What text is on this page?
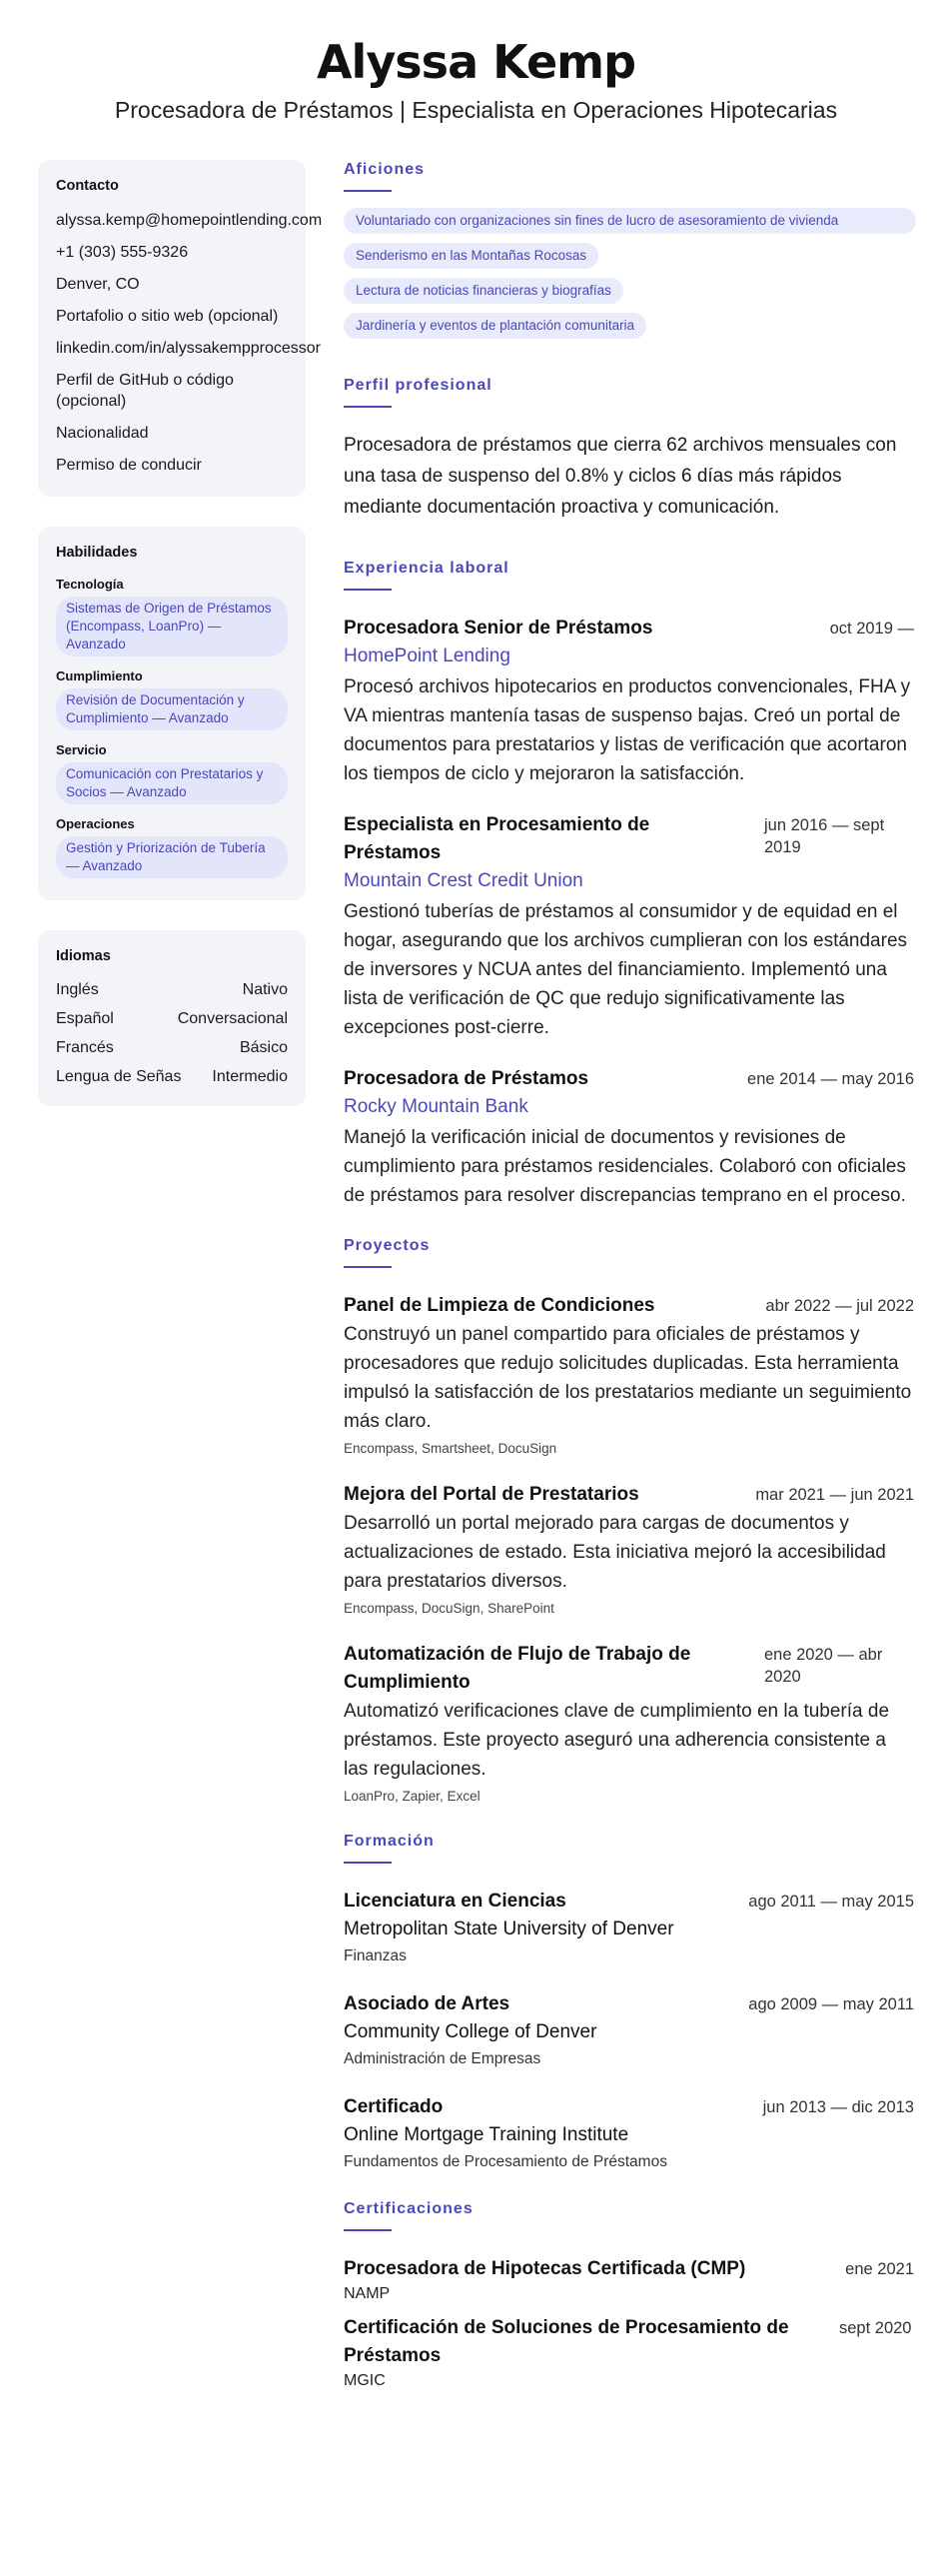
Alyssa Kemp
Procesadora de Préstamos | Especialista en Operaciones Hipotecarias
Contacto
alyssa.kemp@homepointlending.com
+1 (303) 555-9326
Denver, CO
Portafolio o sitio web (opcional)
linkedin.com/in/alyssakempprocessor
Perfil de GitHub o código (opcional)
Nacionalidad
Permiso de conducir
Habilidades
Tecnología
Sistemas de Origen de Préstamos (Encompass, LoanPro) — Avanzado
Cumplimiento
Revisión de Documentación y Cumplimiento — Avanzado
Servicio
Comunicación con Prestatarios y Socios — Avanzado
Operaciones
Gestión y Priorización de Tubería — Avanzado
Idiomas
Inglés	Nativo
Español	Conversacional
Francés	Básico
Lengua de Señas Intermedio
Aficiones
Voluntariado con organizaciones sin fines de lucro de asesoramiento de vivienda
Senderismo en las Montañas Rocosas
Lectura de noticias financieras y biografías
Jardinería y eventos de plantación comunitaria
Perfil profesional
Procesadora de préstamos que cierra 62 archivos mensuales con una tasa de suspenso del 0.8% y ciclos 6 días más rápidos mediante documentación proactiva y comunicación.
Experiencia laboral
Procesadora Senior de Préstamos	oct 2019 —
HomePoint Lending
Procesó archivos hipotecarios en productos convencionales, FHA y VA mientras mantenía tasas de suspenso bajas. Creó un portal de documentos para prestatarios y listas de verificación que acortaron los tiempos de ciclo y mejoraron la satisfacción.
Especialista en Procesamiento de Préstamos
jun 2016 — sept 2019
Mountain Crest Credit Union
Gestionó tuberías de préstamos al consumidor y de equidad en el hogar, asegurando que los archivos cumplieran con los estándares de inversores y NCUA antes del financiamiento. Implementó una lista de verificación de QC que redujo significativamente las excepciones post-cierre.
Procesadora de Préstamos	ene 2014 — may 2016
Rocky Mountain Bank
Manejó la verificación inicial de documentos y revisiones de cumplimiento para préstamos residenciales. Colaboró con oficiales de préstamos para resolver discrepancias temprano en el proceso.
Proyectos
Panel de Limpieza de Condiciones	abr 2022 — jul 2022
Construyó un panel compartido para oficiales de préstamos y procesadores que redujo solicitudes duplicadas. Esta herramienta impulsó la satisfacción de los prestatarios mediante un seguimiento más claro.
Encompass, Smartsheet, DocuSign
Mejora del Portal de Prestatarios	mar 2021 — jun 2021
Desarrolló un portal mejorado para cargas de documentos y actualizaciones de estado. Esta iniciativa mejoró la accesibilidad para prestatarios diversos.
Encompass, DocuSign, SharePoint
Automatización de Flujo de Trabajo de Cumplimiento
ene 2020 — abr 2020
Automatizó verificaciones clave de cumplimiento en la tubería de préstamos. Este proyecto aseguró una adherencia consistente a las regulaciones.
LoanPro, Zapier, Excel
Formación
Licenciatura en Ciencias	ago 2011 — may 2015
Metropolitan State University of Denver
Finanzas
Asociado de Artes	ago 2009 — may 2011
Community College of Denver
Administración de Empresas
Certificado	jun 2013 — dic 2013
Online Mortgage Training Institute
Fundamentos de Procesamiento de Préstamos
Certificaciones
Procesadora de Hipotecas Certificada (CMP)	ene 2021
NAMP
Certificación de Soluciones de Procesamiento de Préstamos
sept 2020
MGIC
